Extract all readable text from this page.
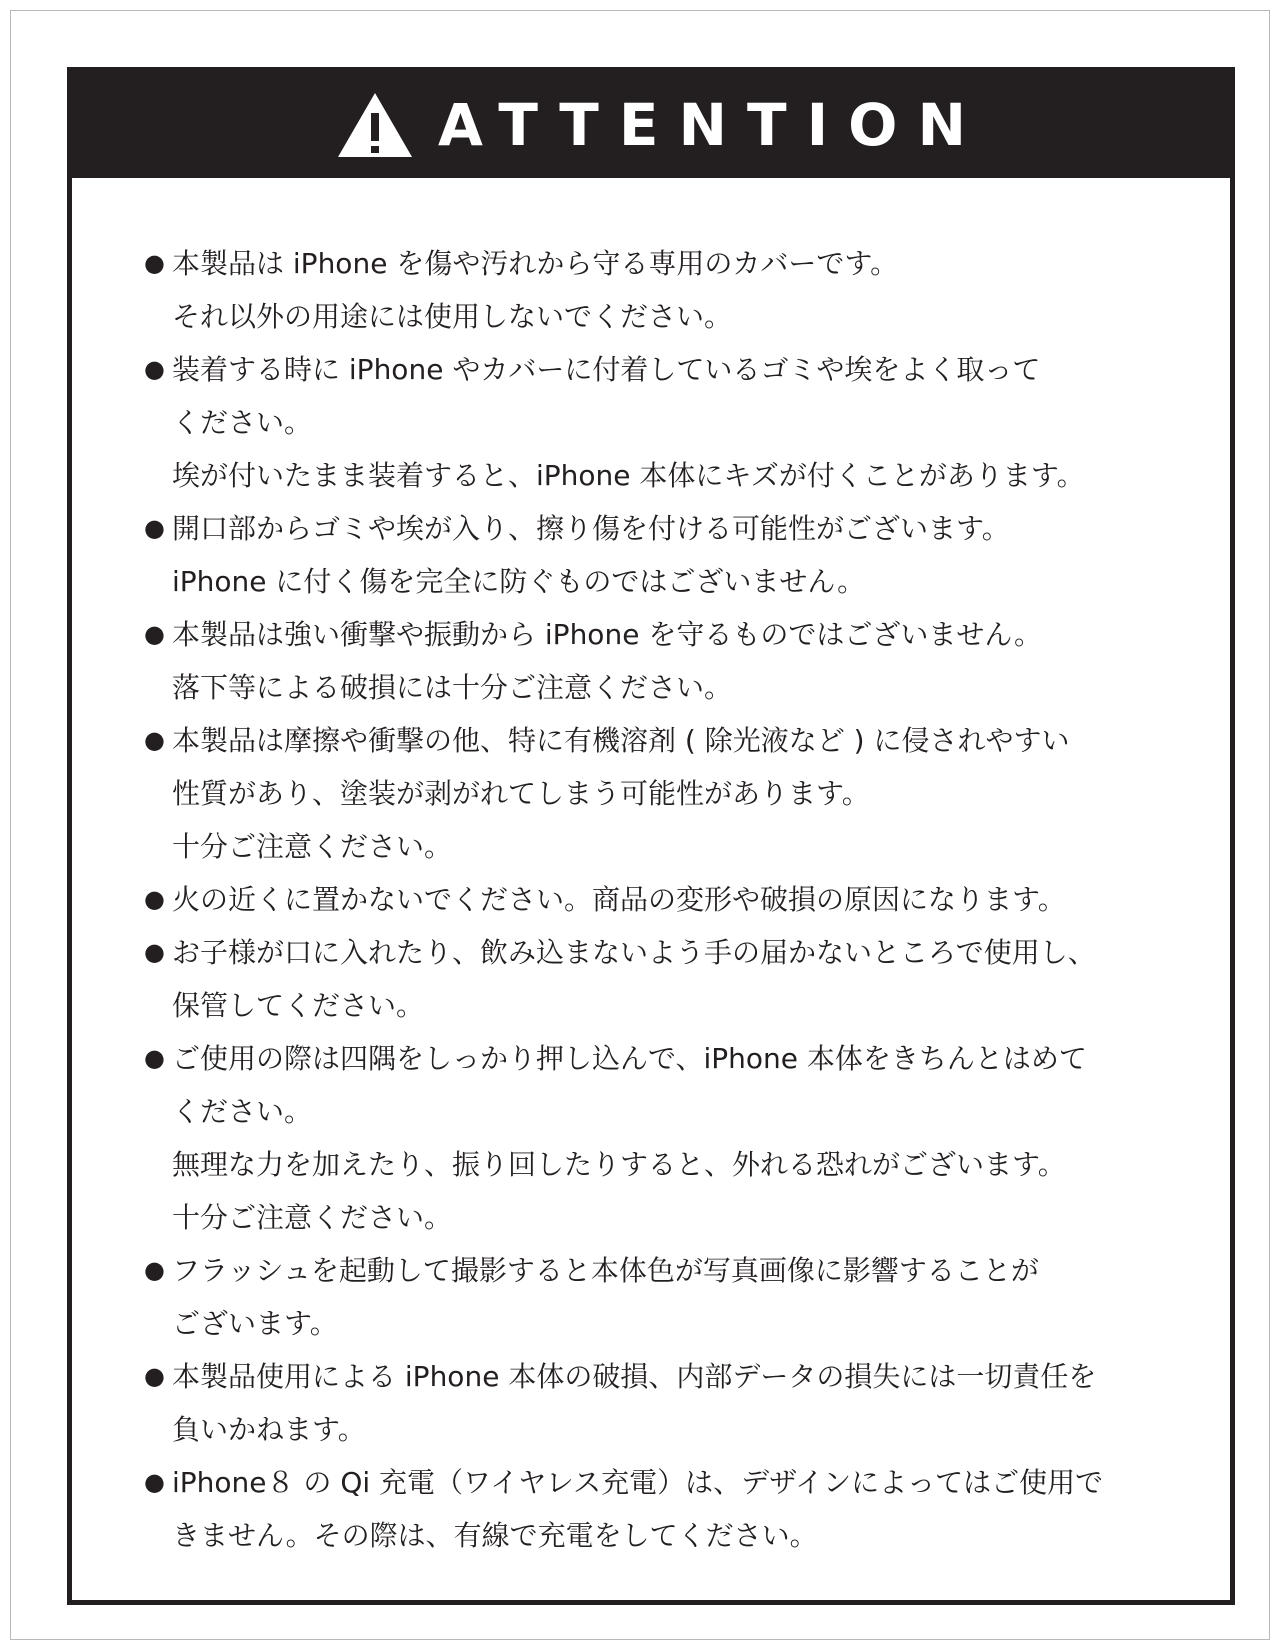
ATTENTION
● 本製品は iPhone を傷や汚れから守る専用のカバーです。
それ以外の用途には使用しないでください。
● 装着する時に iPhone やカバーに付着しているゴミや埃をよく取って
ください。
埃が付いたまま装着すると、iPhone 本体にキズが付くことがあります。
● 開口部からゴミや埃が入り、擦り傷を付ける可能性がございます。
iPhone に付く傷を完全に防ぐものではございません。
● 本製品は強い衝撃や振動から iPhone を守るものではございません。
落下等による破損には十分ご注意ください。
● 本製品は摩擦や衝撃の他、特に有機溶剤 ( 除光液など ) に侵されやすい
性質があり、塗装が剥がれてしまう可能性があります。
十分ご注意ください。
● 火の近くに置かないでください。商品の変形や破損の原因になります。
● お子様が口に入れたり、飲み込まないよう手の届かないところで使用し、
保管してください。
● ご使用の際は四隅をしっかり押し込んで、iPhone 本体をきちんとはめて
ください。
無理な力を加えたり、振り回したりすると、外れる恐れがございます。
十分ご注意ください。
● フラッシュを起動して撮影すると本体色が写真画像に影響することが
ございます。
● 本製品使用による iPhone 本体の破損、内部データの損失には一切責任を
負いかねます。
● iPhone８ の Qi 充電（ワイヤレス充電）は、デザインによってはご使用で
きません。その際は、有線で充電をしてください。
